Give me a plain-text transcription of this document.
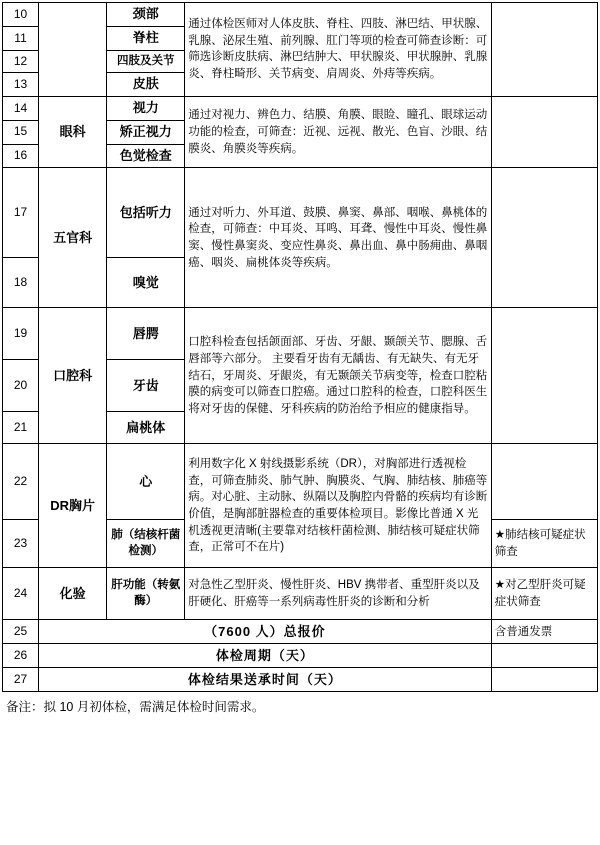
10		颈部	通过体检医师对人体皮肤、脊柱、四肢、淋巴结、甲状腺、乳腺、泌尿生殖、前列腺、肛门等项的检查可筛查诊断：可筛选诊断皮肤病、淋巴结肿大、甲状腺炎、甲状腺肿、乳腺炎、脊柱畸形、关节病变、肩周炎、外痔等疾病。	
11		脊柱		
12		四肢及关节		
13		皮肤		
14	眼科	视力	通过对视力、辨色力、结膜、角膜、眼睑、瞳孔、眼球运动功能的检查，可筛查：近视、远视、散光、色盲、沙眼、结膜炎、角膜炎等疾病。	
15		矫正视力		
16		色觉检查		
17	五官科	包括听力	通过对听力、外耳道、鼓膜、鼻窦、鼻部、咽喉、鼻桃体的检查，可筛查：中耳炎、耳鸣、耳聋、慢性中耳炎、慢性鼻窦、慢性鼻窦炎、变应性鼻炎、鼻出血、鼻中肠痈曲、鼻咽癌、咽炎、扁桃体炎等疾病。	
18		嗅觉		
19	口腔科	唇腭	口腔科检查包括颌面部、牙齿、牙龈、颞颌关节、腮腺、舌唇部等六部分。 主要看牙齿有无龋齿、有无缺失、有无牙结石，牙周炎、牙龈炎，有无颞颌关节病变等，检查口腔粘膜的病变可以筛查口腔癌。通过口腔科的检查，口腔科医生将对牙齿的保健、牙科疾病的防治给予相应的健康指导。	
20		牙齿		
21		扁桃体		
22	DR胸片	心	利用数字化 X 射线摄影系统（DR），对胸部进行透视检查，可筛查肺炎、肺气肿、胸膜炎、气胸、肺结核、肺癌等病。对心脏、主动脉、纵隔以及胸腔内骨骼的疾病均有诊断价值，是胸部脏器检查的重要体检项目。影像比普通 X 光机透视更清晰(主要靠对结核杆菌检测、肺结核可疑症状筛查，正常可不在片)	
23		肺（结核杆菌检测）		★肺结核可疑症状筛查
24	化验	肝功能（转氨酶）	对急性乙型肝炎、慢性肝炎、HBV 携带者、重型肝炎以及肝硬化、肝癌等一系列病毒性肝炎的诊断和分析	★对乙型肝炎可疑症状筛查
25	（7600 人）总报价			含普通发票
26	体检周期（天）			
27	体检结果送承时间（天）			
备注：拟 10 月初体检，需满足体检时间需求。
